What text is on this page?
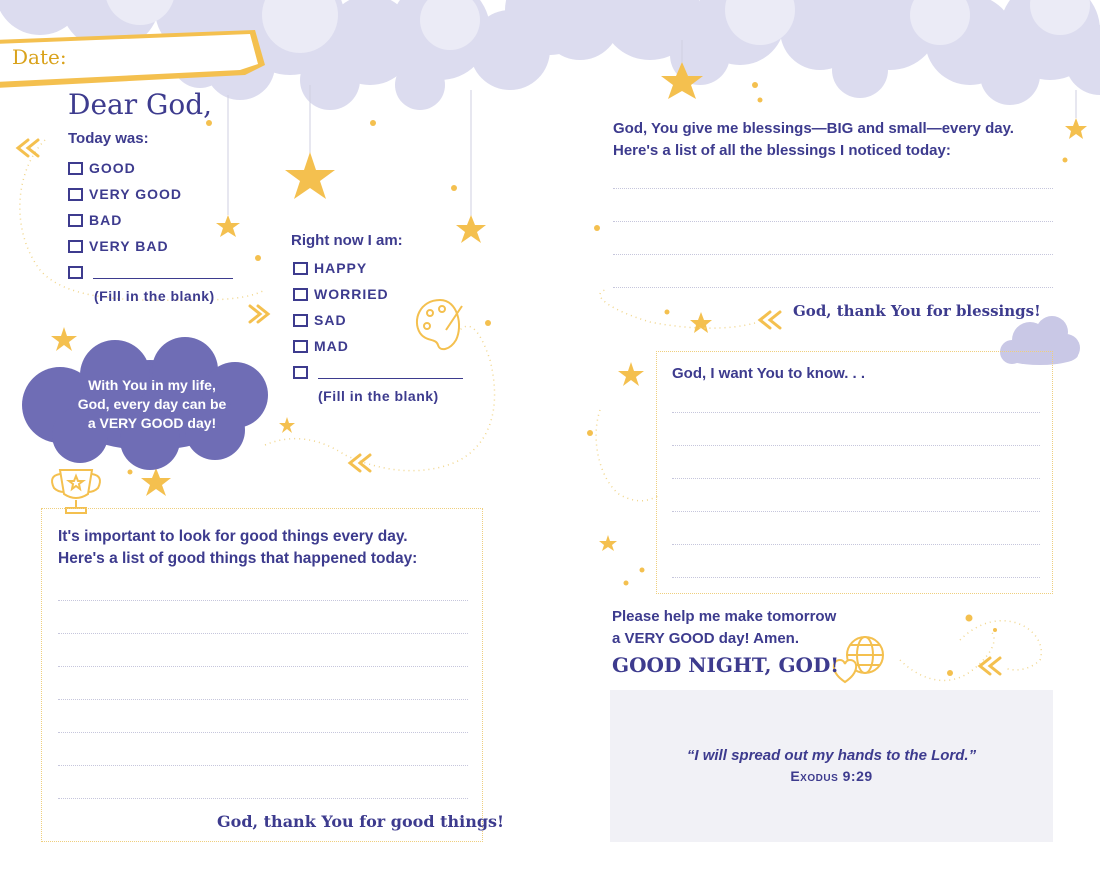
Date:
Dear God,
Today was:
GOOD
VERY GOOD
BAD
VERY BAD
(Fill in the blank)
Right now I am:
HAPPY
WORRIED
SAD
MAD
(Fill in the blank)
With You in my life,
God, every day can be
a VERY GOOD day!
It's important to look for good things every day.
Here's a list of good things that happened today:
God, thank You for good things!
God, You give me blessings—BIG and small—every day.
Here's a list of all the blessings I noticed today:
God, thank You for blessings!
God, I want You to know. . .
Please help me make tomorrow
a VERY GOOD day! Amen.
GOOD NIGHT, GOD!
“I will spread out my hands to the Lord.”
Exodus 9:29
